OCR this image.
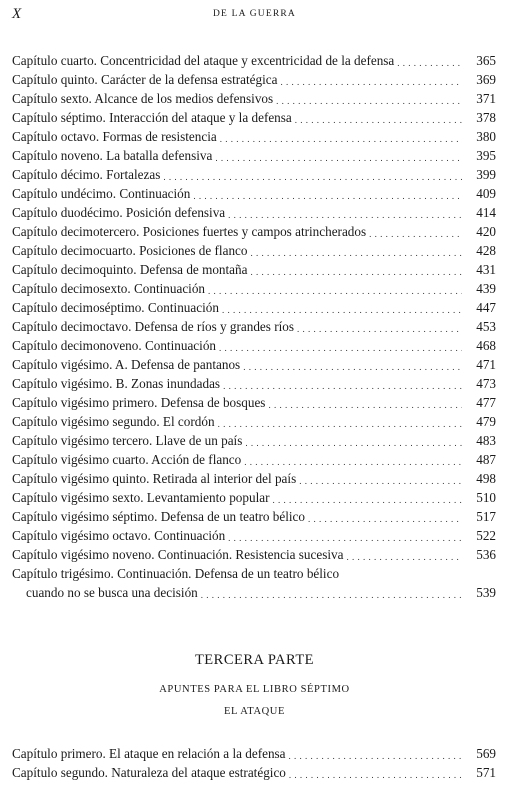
X	DE LA GUERRA
Capítulo cuarto. Concentricidad del ataque y excentricidad de la defensa . . .	365
Capítulo quinto. Carácter de la defensa estratégica . . .	369
Capítulo sexto. Alcance de los medios defensivos . . .	371
Capítulo séptimo. Interacción del ataque y la defensa . . .	378
Capítulo octavo. Formas de resistencia . . .	380
Capítulo noveno. La batalla defensiva . . .	395
Capítulo décimo. Fortalezas . . .	399
Capítulo undécimo. Continuación . . .	409
Capítulo duodécimo. Posición defensiva . . .	414
Capítulo decimotercero. Posiciones fuertes y campos atrincherados . . .	420
Capítulo decimocuarto. Posiciones de flanco . . .	428
Capítulo decimoquinto. Defensa de montaña . . .	431
Capítulo decimosexto. Continuación . . .	439
Capítulo decimoséptimo. Continuación . . .	447
Capítulo decimoctavo. Defensa de ríos y grandes ríos . . .	453
Capítulo decimonoveno. Continuación . . .	468
Capítulo vigésimo. A. Defensa de pantanos . . .	471
Capítulo vigésimo. B. Zonas inundadas . . .	473
Capítulo vigésimo primero. Defensa de bosques . . .	477
Capítulo vigésimo segundo. El cordón . . .	479
Capítulo vigésimo tercero. Llave de un país . . .	483
Capítulo vigésimo cuarto. Acción de flanco . . .	487
Capítulo vigésimo quinto. Retirada al interior del país . . .	498
Capítulo vigésimo sexto. Levantamiento popular . . .	510
Capítulo vigésimo séptimo. Defensa de un teatro bélico . . .	517
Capítulo vigésimo octavo. Continuación . . .	522
Capítulo vigésimo noveno. Continuación. Resistencia sucesiva . . .	536
Capítulo trigésimo. Continuación. Defensa de un teatro bélico
cuando no se busca una decisión . . .	539
TERCERA PARTE
APUNTES PARA EL LIBRO SÉPTIMO
EL ATAQUE
Capítulo primero. El ataque en relación a la defensa . . .	569
Capítulo segundo. Naturaleza del ataque estratégico . . .	571
